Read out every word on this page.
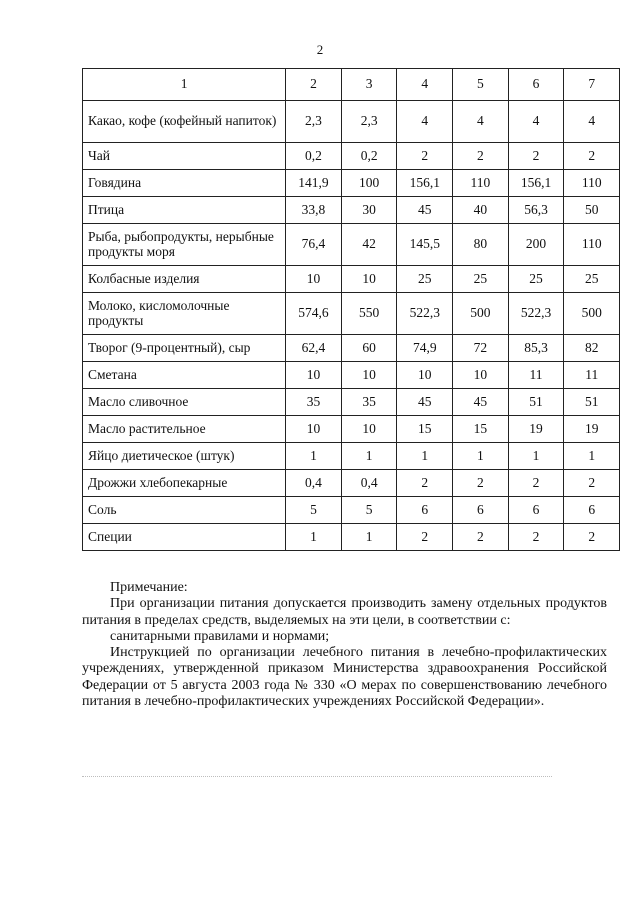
2
1	2	3	4	5	6	7
Какао, кофе (кофейный напиток)	2,3	2,3	4	4	4	4
Чай	0,2	0,2	2	2	2	2
Говядина	141,9	100	156,1	110	156,1	110
Птица	33,8	30	45	40	56,3	50
Рыба, рыбопродукты, нерыбные продукты моря	76,4	42	145,5	80	200	110
Колбасные изделия	10	10	25	25	25	25
Молоко, кисломолочные продукты	574,6	550	522,3	500	522,3	500
Творог (9-процентный), сыр	62,4	60	74,9	72	85,3	82
Сметана	10	10	10	10	11	11
Масло сливочное	35	35	45	45	51	51
Масло растительное	10	10	15	15	19	19
Яйцо диетическое (штук)	1	1	1	1	1	1
Дрожжи хлебопекарные	0,4	0,4	2	2	2	2
Соль	5	5	6	6	6	6
Специи	1	1	2	2	2	2

Примечание:

При организации питания допускается производить замену отдельных продуктов питания в пределах средств, выделяемых на эти цели, в соответствии с:

санитарными правилами и нормами;

Инструкцией по организации лечебного питания в лечебно-профилактических учреждениях, утвержденной приказом Министерства здравоохранения Российской Федерации от 5 августа 2003 года № 330 «О мерах по совершенствованию лечебного питания в лечебно-профилактических учреждениях Российской Федерации».
